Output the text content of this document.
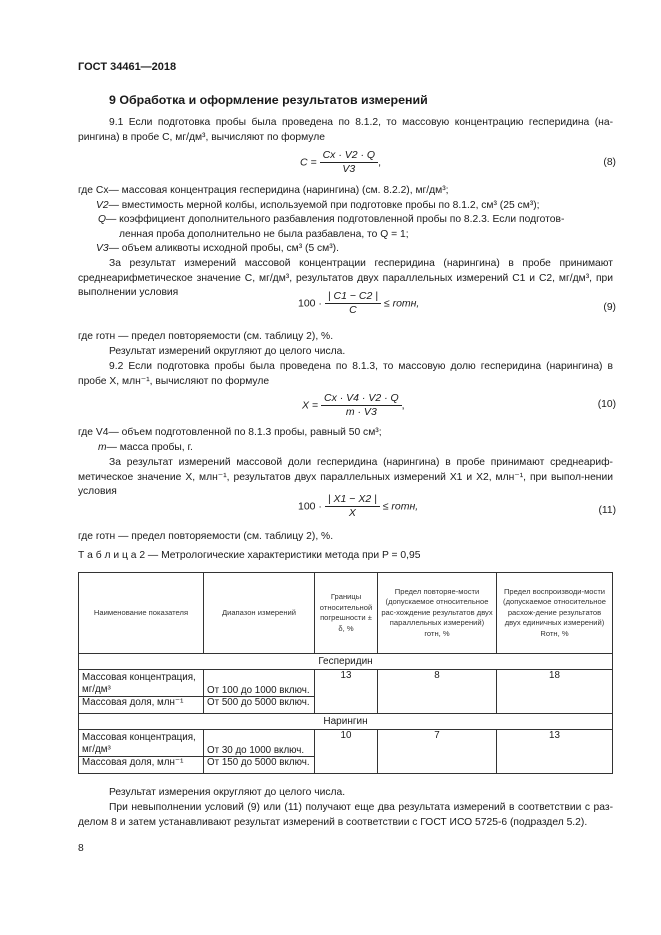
ГОСТ 34461—2018
9 Обработка и оформление результатов измерений
9.1 Если подготовка пробы была проведена по 8.1.2, то массовую концентрацию гесперидина (на-рингина) в пробе С, мг/дм³, вычисляют по формуле
$C = \frac{Cx \cdot V2 \cdot Q}{V3}$ ,	(8)
где Cx — массовая концентрация гесперидина (нарингина) (см. 8.2.2), мг/дм³;
V2 — вместимость мерной колбы, используемой при подготовке пробы по 8.1.2, см³ (25 см³);
Q — коэффициент дополнительного разбавления подготовленной пробы по 8.2.3. Если подготов-
ленная проба дополнительно не была разбавлена, то Q = 1;
V3 — объем аликвоты исходной пробы, см³ (5 см³).
За результат измерений массовой концентрации гесперидина (нарингина) в пробе принимают среднеарифметическое значение C, мг/дм³, результатов двух параллельных измерений C1 и C2, мг/дм³, при выполнении условия
$100 \cdot \frac{| C1 - C2 |}{C}$ ≤ rотн,	(9)
где rотн — предел повторяемости (см. таблицу 2), %.
Результат измерений округляют до целого числа.
9.2 Если подготовка пробы была проведена по 8.1.3, то массовую долю гесперидина (нарингина) в пробе X, млн⁻¹, вычисляют по формуле
$X = \frac{Cx \cdot V4 \cdot V2 \cdot Q}{m \cdot V3}$ ,	(10)
где V4 — объем подготовленной по 8.1.3 пробы, равный 50 см³;
m — масса пробы, г.
За результат измерений массовой доли гесперидина (нарингина) в пробе принимают среднеариф-метическое значение X, млн⁻¹, результатов двух параллельных измерений X1 и X2, млн⁻¹, при выпол-нении условия
$100 \cdot \frac{| X1 - X2 |}{X}$ ≤ rотн,	(11)
где rотн — предел повторяемости (см. таблицу 2), %.
Т а б л и ц а 2 — Метрологические характеристики метода при P = 0,95
Наименование показателя	Диапазон измерений	Границы относительной погрешности ± δ, %	Предел повторяе-мости (допускаемое относительное рас-хождение результатов двух параллельных измерений) rотн, %	Предел воспроизводи-мости (допускаемое относительное расхож-дение результатов двух единичных измерений) Rотн, %
Гесперидин				
Массовая концентрация, мг/дм³	От 100 до 1000 включ.	13	8	18
Массовая доля, млн⁻¹	От 500 до 5000 включ.			
Нарингин				
Массовая концентрация, мг/дм³	От 30 до 1000 включ.	10	7	13
Массовая доля, млн⁻¹	От 150 до 5000 включ.			
Результат измерения округляют до целого числа.
При невыполнении условий (9) или (11) получают еще два результата измерений в соответствии с раз-делом 8 и затем устанавливают результат измерений в соответствии с ГОСТ ИСО 5725-6 (подраздел 5.2).
8
